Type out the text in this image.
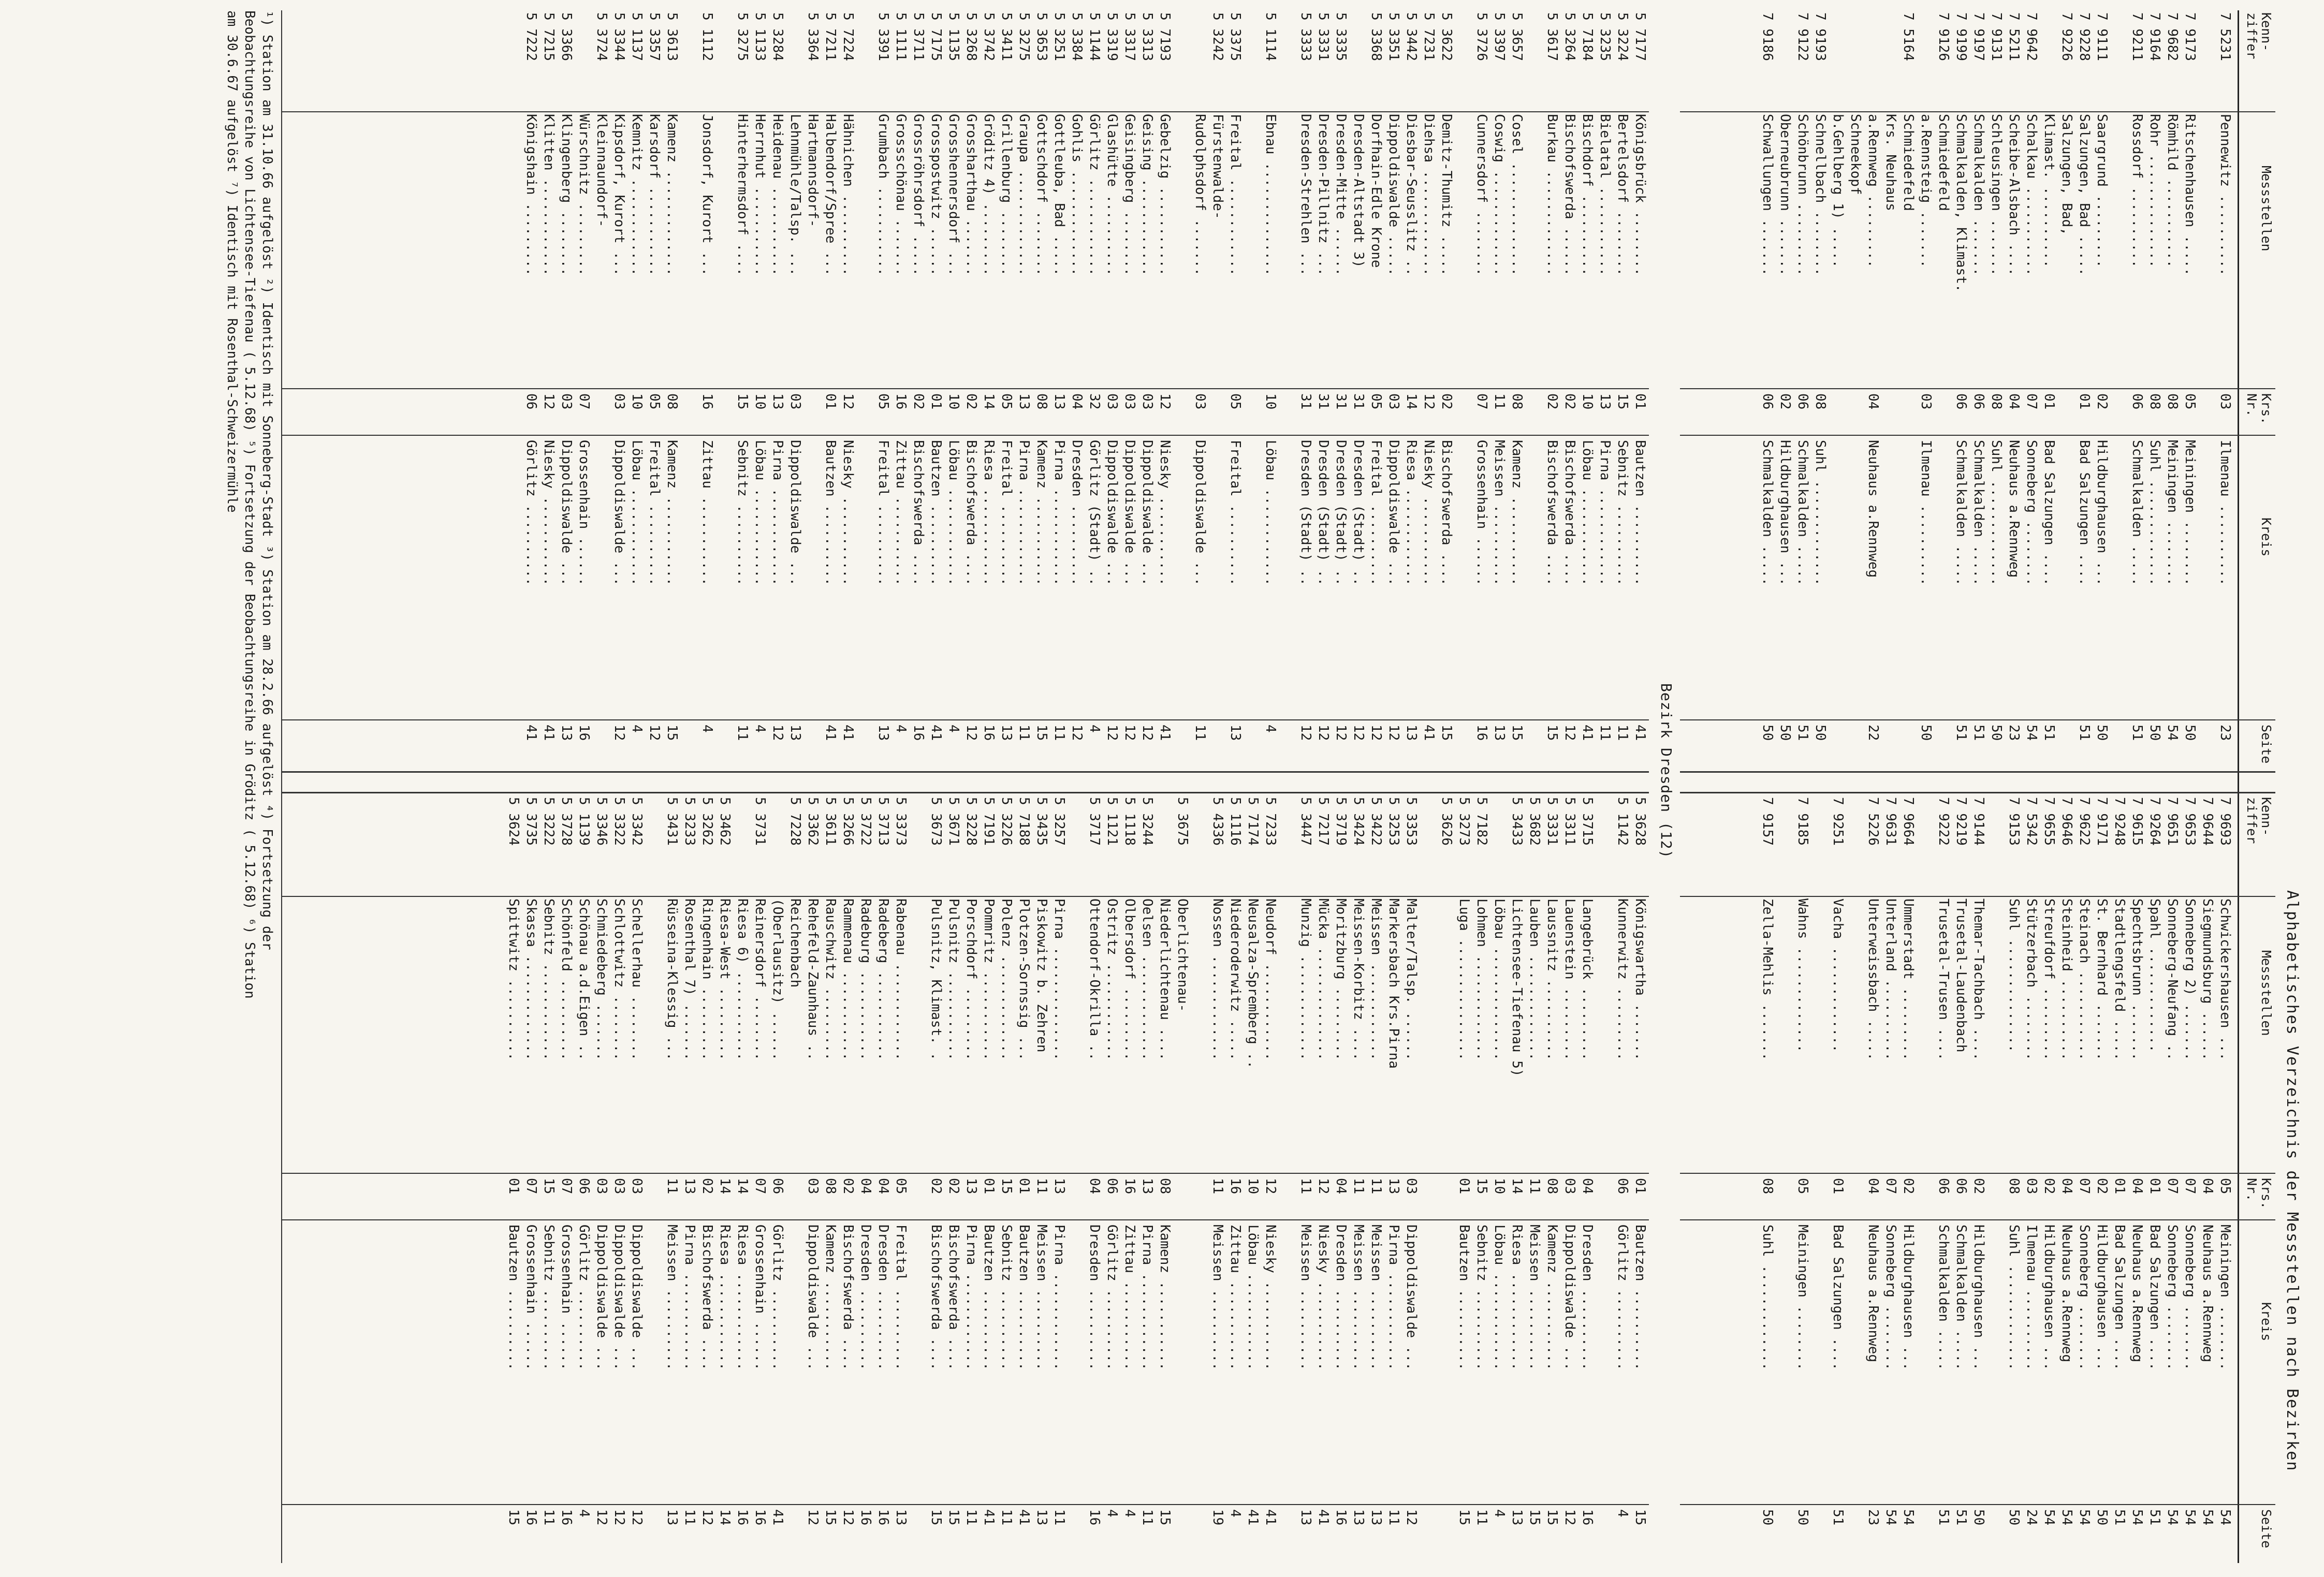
Alphabetisches Verzeichnis der Messstellen nach Bezirken
Kenn-ziffer
Messstellen
Krs. Nr.
Kreis
Seite
Kenn-ziffer
Messstellen
Krs. Nr.
Kreis
Seite
7 5231
Pennewitz ..........
03
Ilmenau ..........
23
7 9173
Ritschenhausen .....
05
Meiningen ........
50
7 9682
Römhild ...........
08
Meiningen ........
54
7 9164
Rohr ..............
08
Suhl .............
50
7 9211
Rossdorf ..........
06
Schmalkalden .....
51
7 9111
Saargrund .........
02
Hildburghausen ...
50
7 9228
Salzungen, Bad .....
01
Bad Salzungen ....
51
7 9226
Salzungen, Bad,
Klimast. ..........
01
Bad Salzungen ....
51
7 9642
Schalkau ...........
07
Sonneberg ........
54
7 5211
Scheibe-Alsbach ....
04
Neuhaus a.Rennweg
23
7 9131
Schleusingen .......
08
Suhl .............
50
7 9197
Schmalkalden .......
06
Schmalkalden .....
51
7 9199
Schmalkalden, Klimast.
06
Schmalkalden .....
51
7 9126
Schmiedefeld
a.Rennsteig .......
03
Ilmenau ..........
50
7 5164
Schmiedefeld
Krs. Neuhaus
a.Rennweg .........
04
Neuhaus a.Rennweg
22
Schneekopf
b.Gehlberg 1) .....
7 9193
Schnellbach ........
08
Suhl .............
50
7 9122
Schönbrunn .........
06
Schmalkalden .....
51
Oberneubrunn .......
02
Hildburghausen ...
50
7 9186
Schwallungen .......
06
Schmalkalden .....
50
7 9693
Schwickershausen ...
05
Meiningen ........
54
7 9644
Siegmundsburg ......
04
Neuhaus a.Rennweg
54
7 9653
Sonneberg 2) .......
07
Sonneberg ........
54
7 9651
Sonneberg-Neufang ..
07
Sonneberg ........
54
7 9264
Spahl .............
01
Bad Salzungen ....
51
7 9615
Spechtsbrunn .......
04
Neuhaus a.Rennweg
54
7 9248
Stadtlengsfeld .....
01
Bad Salzungen ....
51
7 9171
St. Bernhard .......
02
Hildburghausen ...
50
7 9622
Steinach ...........
07
Sonneberg ........
54
7 9646
Steinheid ..........
04
Neuhaus a.Rennweg
54
7 9655
Streufdorf .........
02
Hildburghausen ...
54
7 5342
Stützerbach ........
03
Ilmenau ..........
24
7 9153
Suhl ..............
08
Suhl .............
50
7 9144
Themar-Tachbach ....
02
Hildburghausen ...
50
7 9219
Trusetal-Laudenbach
06
Schmalkalden .....
51
7 9222
Trusetal-Trusen ....
06
Schmalkalden .....
51
7 9664
Ummerstadt .........
02
Hildburghausen ...
54
7 9631
Unterland ..........
07
Sonneberg ........
54
7 5226
Unterweissbach .....
04
Neuhaus a.Rennweg
23
7 9251
Vacha .............
01
Bad Salzungen ....
51
7 9185
Wahns .............
05
Meiningen ........
50
7 9157
Zella-Mehlis .......
08
Suhl .............
50
Bezirk Dresden (12)
5 7177
Königsbrück ........
01
Bautzen ..........
41
5 3224
Bertelsdorf ........
15
Sebnitz ..........
11
5 3235
Bielatal ...........
13
Pirna ............
11
5 7184
Bischdorf ..........
10
Löbau ............
41
5 3264
Bischofswerda ......
02
Bischofswerda ....
12
5 3617
Burkau .............
02
Bischofswerda ....
15
5 3657
Cosel ..............
08
Kamenz ...........
15
5 3397
Coswig .............
11
Meissen ..........
13
5 3726
Cunnersdorf ........
07
Grossenhain ......
16
5 3622
Demitz-Thumitz .....
02
Bischofswerda ....
15
5 7231
Diehsa .............
12
Niesky ...........
41
5 3442
Diesbar-Seusslitz ..
14
Riesa ............
13
5 3351
Dippoldiswalde .....
03
Dippoldiswalde ...
12
5 3368
Dorfhain-Edle Krone
05
Freital ..........
12
Dresden-Altstadt 3)
31
Dresden (Stadt) ..
12
5 3335
Dresden-Mitte ......
31
Dresden (Stadt) ..
12
5 3331
Dresden-Pillnitz ...
31
Dresden (Stadt) ..
12
5 3333
Dresden-Strehlen ...
31
Dresden (Stadt) ..
12
5 1114
Ebnau ..............
10
Löbau ............
4
5 3375
Freital ............
05
Freital ..........
13
5 3242
Fürstenwalde-
Rudolphsdorf .......
03
Dippoldiswalde ...
11
5 7193
Gebelzig ...........
12
Niesky ...........
41
5 3313
Geising ............
03
Dippoldiswalde ...
12
5 3317
Geisingberg ........
03
Dippoldiswalde ...
12
5 3319
Glashütte ..........
03
Dippoldiswalde ...
12
5 1144
Görlitz ............
32
Görlitz (Stadt) ..
4
5 3384
Gohlis .............
04
Dresden ..........
12
5 3251
Gottleuba, Bad .....
13
Pirna ............
11
5 3653
Gottschdorf ........
08
Kamenz ...........
15
5 3275
Graupa .............
13
Pirna ............
11
5 3411
Grillenburg ........
05
Freital ..........
13
5 3742
Gröditz 4) .........
14
Riesa ............
16
5 3268
Grossharthau .......
02
Bischofswerda ....
12
5 1135
Grosshennersdorf ...
10
Löbau ............
4
5 7175
Grosspostwitz ......
01
Bautzen ..........
41
5 3711
Grossröhrsdorf .....
02
Bischofswerda ....
16
5 1111
Grossschönau .......
16
Zittau ...........
4
5 3391
Grumbach ...........
05
Freital ..........
13
5 7224
Hähnichen ..........
12
Niesky ...........
41
5 7211
Halbendorf/Spree ...
01
Bautzen ..........
41
5 3364
Hartmannsdorf-
Lehnmühle/Talsp. ...
03
Dippoldiswalde ...
13
5 3284
Heidenau ...........
13
Pirna ............
12
5 1133
Herrnhut ...........
10
Löbau ............
4
5 3275
Hinterhermsdorf ....
15
Sebnitz ..........
11
5 1112
Jonsdorf, Kurort ...
16
Zittau ...........
4
5 3613
Kamenz .............
08
Kamenz ...........
15
5 3357
Karsdorf ...........
05
Freital ..........
12
5 1137
Kemnitz ............
10
Löbau ............
4
5 3344
Kipsdorf, Kurort ...
03
Dippoldiswalde ...
12
5 3724
Kleinnaundorf-
Würschnitz .........
07
Grossenhain ......
16
5 3366
Klingenberg ........
03
Dippoldiswalde ...
13
5 7215
Klitten ............
12
Niesky ...........
41
5 7222
Königshain .........
06
Görlitz ..........
41
5 3628
Königswartha .......
01
Bautzen ..........
15
5 1142
Kunnerwitz .........
06
Görlitz ..........
4
5 3715
Langebrück .........
04
Dresden ..........
16
5 3311
Lauenstein .........
03
Dippoldiswalde ...
12
5 3331
Laussnitz ..........
08
Kamenz ...........
15
5 3682
Lauben .............
11
Meissen ..........
15
5 3433
Lichtensee-Tiefenau 5)
14
Riesa ............
13
Löbau ..............
10
Löbau ............
4
5 7182
Lohmen .............
15
Sebnitz ..........
11
5 3273
Luga ...............
01
Bautzen ..........
15
5 3626
5 3353
Malter/Talsp. ......
03
Dippoldiswalde ...
12
5 3253
Markersbach Krs.Pirna
13
Pirna ............
11
5 3422
Meissen ............
11
Meissen ..........
13
5 3424
Meissen-Korbitz ....
11
Meissen ..........
13
5 3719
Moritzburg .........
04
Dresden ..........
16
5 7217
Mücka ..............
12
Niesky ...........
41
5 3447
Munzig .............
11
Meissen ..........
13
5 7233
Neudorf ............
12
Niesky ...........
41
5 7174
Neusalza-Spremberg ..
10
Löbau ............
41
5 1116
Niederoderwitz .....
16
Zittau ...........
4
5 4336
Nossen .............
11
Meissen ..........
19
5 3675
Oberlichtenau-
Niederlichtenau ....
08
Kamenz ...........
15
5 3244
Oelsen .............
13
Pirna ............
11
5 1118
Olbersdorf .........
16
Zittau ...........
4
5 1121
Ostritz ............
06
Görlitz ..........
4
5 3717
Ottendorf-Okrilla ..
04
Dresden ..........
16
5 3257
Pirna ..............
13
Pirna ............
11
5 3435
Piskowitz b. Zehren
11
Meissen ..........
13
5 7188
Plotzen-Sornssig ...
01
Bautzen ..........
41
5 3226
Polenz .............
15
Sebnitz ..........
11
5 7191
Pommritz ...........
01
Bautzen ..........
41
5 3228
Porschdorf .........
13
Pirna ............
11
5 3671
Pulsnitz ...........
02
Bischofswerda ....
15
5 3673
Pulsnitz, Klimast. .
02
Bischofswerda ....
15
5 3373
Rabenau ............
05
Freital ..........
13
5 3713
Radeberg ...........
04
Dresden ..........
16
5 3722
Radeburg ...........
04
Dresden ..........
16
5 3266
Rammenau ...........
02
Bischofswerda ....
12
5 3611
Rauschwitz .........
08
Kamenz ...........
15
5 3362
Rehefeld-Zaunhaus ..
03
Dippoldiswalde ...
12
5 7228
Reichenbach
(Oberlausitz) ......
06
Görlitz ..........
41
5 3731
Reinersdorf ........
07
Grossenhain ......
16
Riesa 6) ...........
14
Riesa ............
16
5 3462
Riesa-West .........
14
Riesa ............
14
5 3262
Ringenhain .........
02
Bischofswerda ....
12
5 3233
Rosenthal 7) .......
13
Pirna ............
11
5 3431
Rüsseina-Klessig ...
11
Meissen ..........
13
5 3342
Schellerhau ........
03
Dippoldiswalde ...
12
5 3322
Schlottwitz ........
03
Dippoldiswalde ...
12
5 3346
Schmiedeberg .......
03
Dippoldiswalde ...
12
5 1139
Schönau a.d.Eigen ..
06
Görlitz ..........
4
5 3728
Schönfeld ..........
07
Grossenhain ......
16
5 3222
Sebnitz ............
15
Sebnitz ..........
11
5 3735
Skassa .............
07
Grossenhain ......
16
5 3624
Spittwitz ..........
01
Bautzen ..........
15
¹) Station am 31.10.66 aufgelöst ²) Identisch mit Sonneberg-Stadt ³) Station am 28.2.66 aufgelöst ⁴) Fortsetzung der
Beobachtungsreihe von Lichtensee-Tiefenau ( 5.12.68) ⁵) Fortsetzung der Beobachtungsreihe in Gröditz ( 5.12.68) ⁶) Station
am 30.6.67 aufgelöst ⁷) Identisch mit Rosenthal-Schweizermühle
